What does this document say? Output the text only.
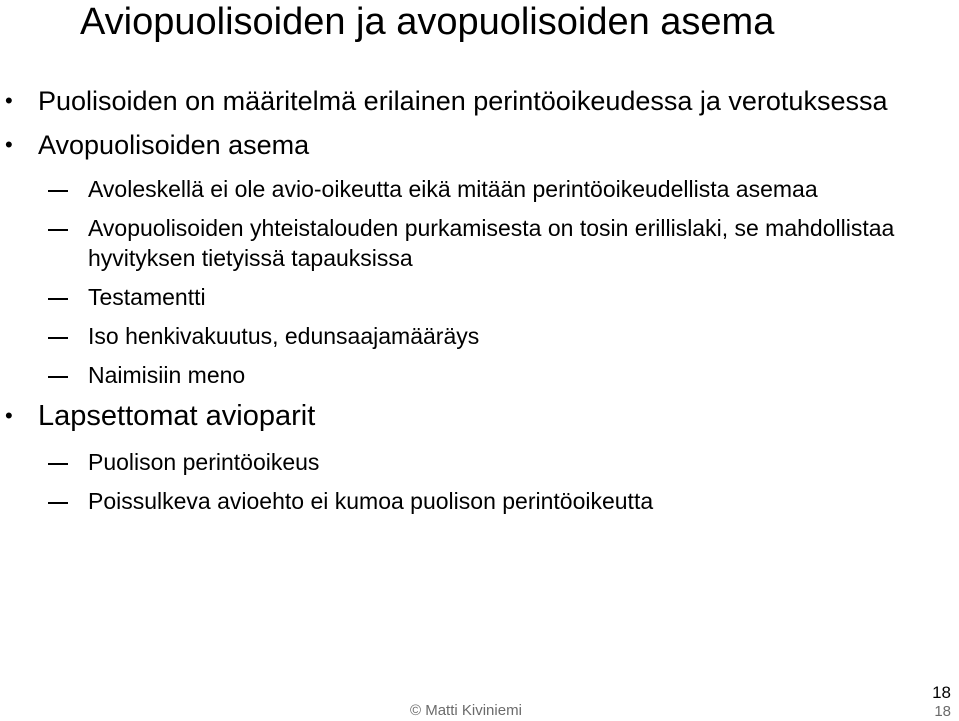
Aviopuolisoiden ja avopuolisoiden asema
• Puolisoiden on määritelmä erilainen perintöoikeudessa ja verotuksessa
• Avopuolisoiden asema
Avoleskellä ei ole avio-oikeutta eikä mitään perintöoikeudellista asemaa
Avopuolisoiden yhteistalouden purkamisesta on tosin erillislaki, se mahdollistaa hyvityksen tietyissä tapauksissa
Testamentti
Iso henkivakuutus, edunsaajamääräys
Naimisiin meno
• Lapsettomat avioparit
Puolison perintöoikeus
Poissulkeva avioehto ei kumoa puolison perintöoikeutta
© Matti Kiviniemi
18
18
